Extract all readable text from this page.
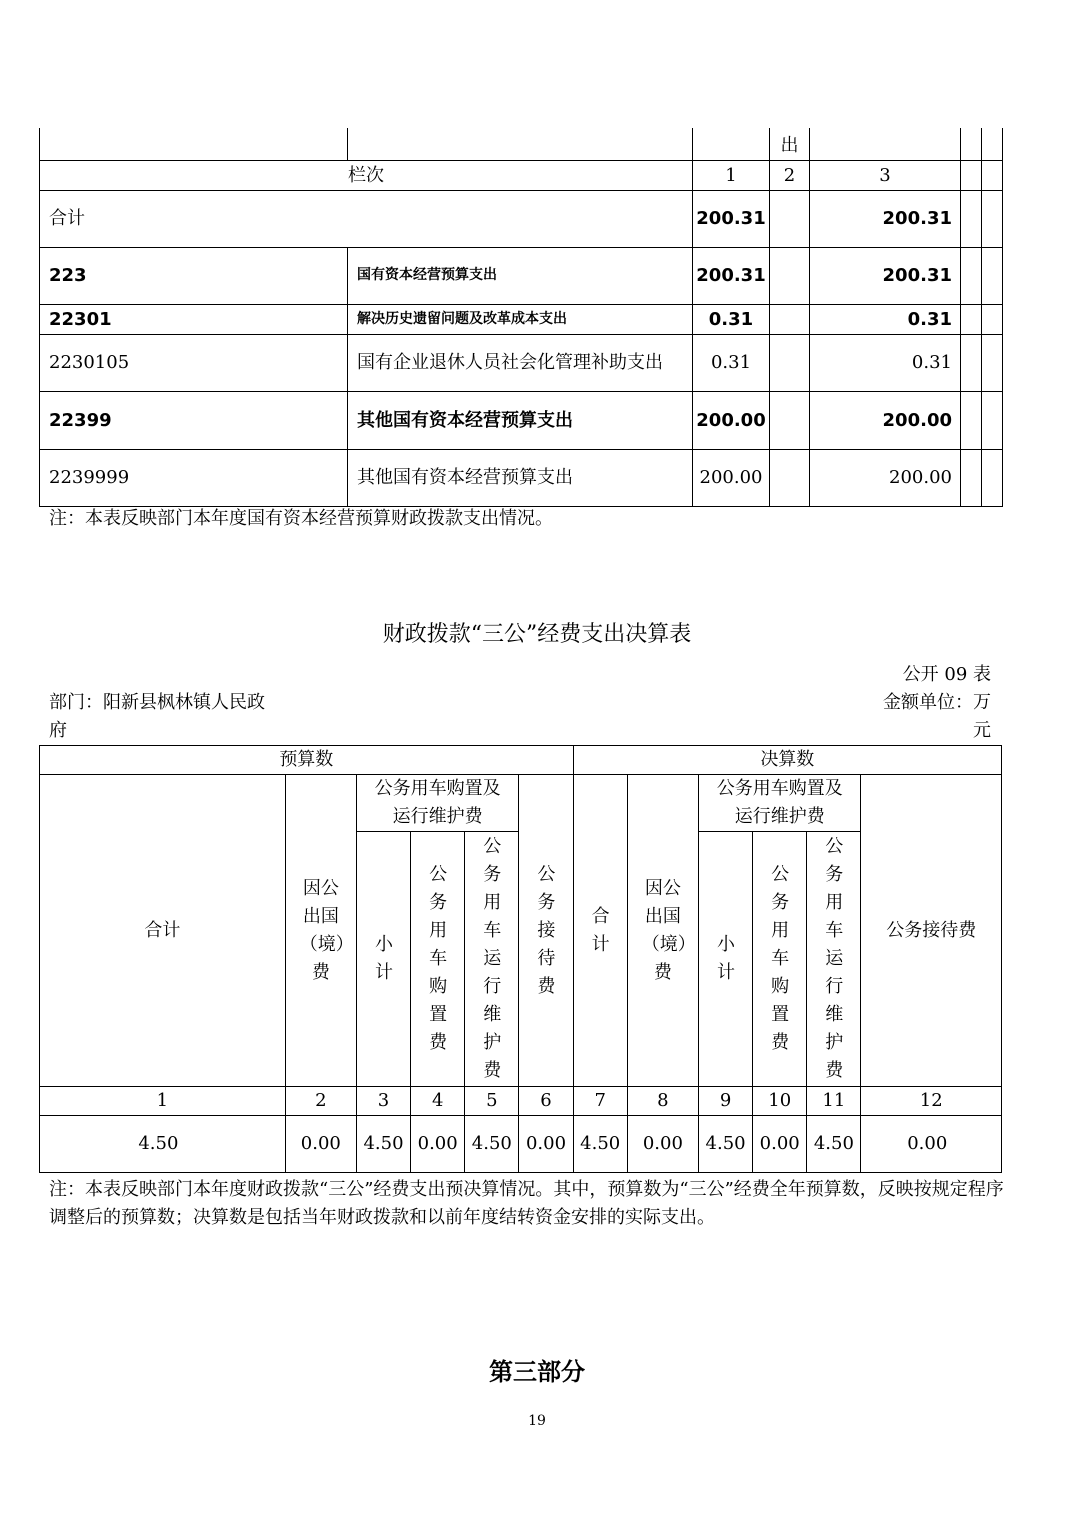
			出			
栏次		1	2	3		
合计		200.31		200.31		
223	国有资本经营预算支出	200.31		200.31		
22301	解决历史遗留问题及改革成本支出	0.31		0.31		
2230105	国有企业退休人员社会化管理补助支出	0.31		0.31		
22399	其他国有资本经营预算支出	200.00		200.00		
2239999	其他国有资本经营预算支出	200.00		200.00		
注：本表反映部门本年度国有资本经营预算财政拨款支出情况。
财政拨款“三公”经费支出决算表
公开 09 表
部门：阳新县枫林镇人民政府
金额单位：万元
预算数						决算数					
合计	因公出国（境）费	公务用车购置及运行维护费			公务接待费	合计	因公出国（境）费	公务用车购置及运行维护费			公务接待费
		小计	公务用车购置费	公务用车运行维护费				小计	公务用车购置费	公务用车运行维护费	
1	2	3	4	5	6	7	8	9	10	11	12
4.50	0.00	4.50	0.00	4.50	0.00	4.50	0.00	4.50	0.00	4.50	0.00
注：本表反映部门本年度财政拨款“三公”经费支出预决算情况。其中，预算数为“三公”经费全年预算数，反映按规定程序调整后的预算数；决算数是包括当年财政拨款和以前年度结转资金安排的实际支出。
第三部分
19
